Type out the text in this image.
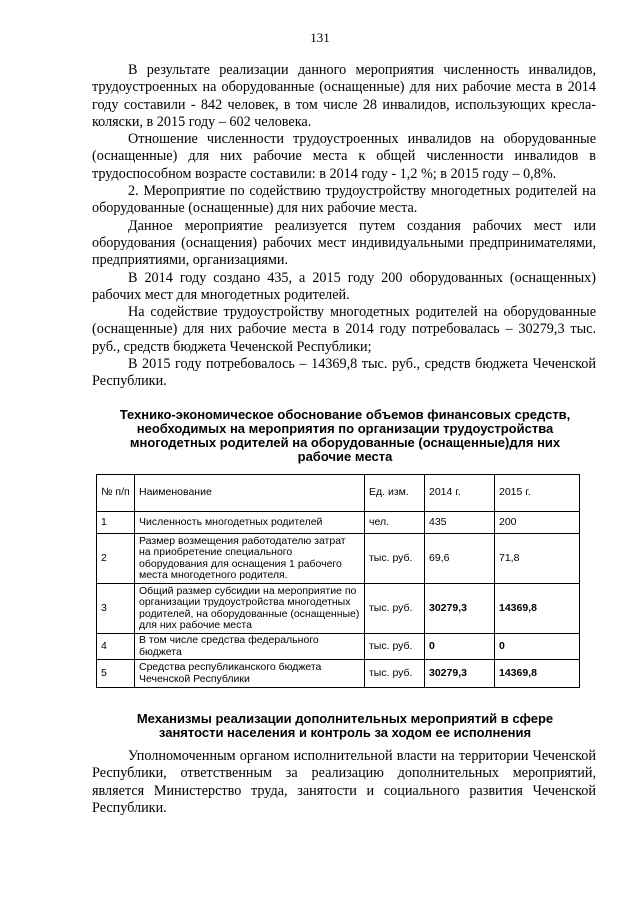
131

В результате реализации данного мероприятия численность инвалидов, трудоустроенных на оборудованные (оснащенные) для них рабочие места в 2014 году составили - 842 человек, в том числе 28 инвалидов, использующих кресла-коляски, в 2015 году – 602 человека.

Отношение численности трудоустроенных инвалидов на оборудованные (оснащенные) для них рабочие места к общей численности инвалидов в трудоспособном возрасте составили: в 2014 году - 1,2 %; в 2015 году – 0,8%.

2. Мероприятие по содействию трудоустройству многодетных родителей на оборудованные (оснащенные) для них рабочие места.

Данное мероприятие реализуется путем создания рабочих мест или оборудования (оснащения) рабочих мест индивидуальными предпринимателями, предприятиями, организациями.

В 2014 году создано 435, а 2015 году 200 оборудованных (оснащенных) рабочих мест для многодетных родителей.

На содействие трудоустройству многодетных родителей на оборудованные (оснащенные) для них рабочие места в 2014 году потребовалась – 30279,3 тыс. руб., средств бюджета Чеченской Республики;

В 2015 году потребовалось – 14369,8 тыс. руб., средств бюджета Чеченской Республики.

Технико-экономическое обоснование объемов финансовых средств, необходимых на мероприятия по организации трудоустройства многодетных родителей на оборудованные (оснащенные)для них рабочие места
№ п/п	Наименование	Ед. изм.	2014 г.	2015 г.
1	Численность многодетных родителей	чел.	435	200
2	Размер возмещения работодателю затрат на приобретение специального оборудования для оснащения 1 рабочего места многодетного родителя.	тыс. руб.	69,6	71,8
3	Общий размер субсидии на мероприятие по организации трудоустройства многодетных родителей, на оборудованные (оснащенные) для них рабочие места	тыс. руб.	30279,3	14369,8
4	В том числе средства федерального бюджета	тыс. руб.	0	0
5	Средства республиканского бюджета Чеченской Республики	тыс. руб.	30279,3	14369,8
Механизмы реализации дополнительных мероприятий в сфере занятости населения и контроль за ходом ее исполнения

Уполномоченным органом исполнительной власти на территории Чеченской Республики, ответственным за реализацию дополнительных мероприятий, является Министерство труда, занятости и социального развития Чеченской Республики.
